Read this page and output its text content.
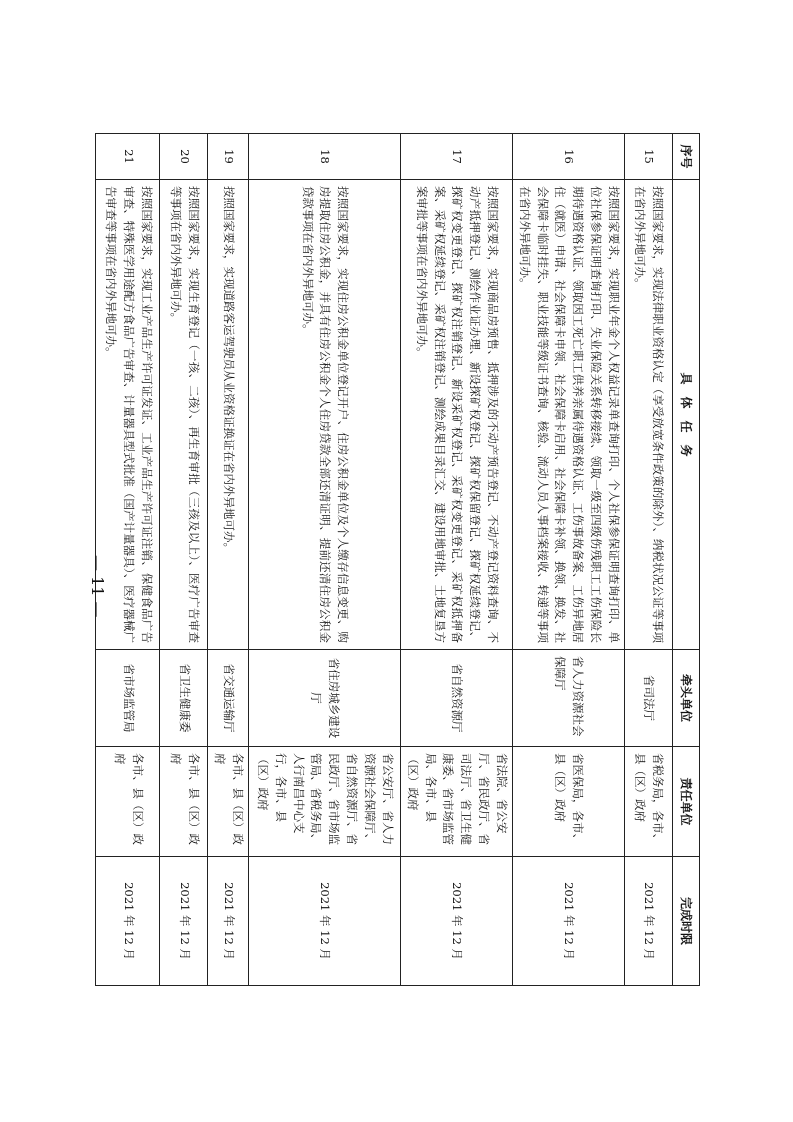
序号	具　体　任　务	牵头单位	责任单位	完成时限
15	按照国家要求，实现法律职业资格认定（享受放宽条件政策的除外）、纳税状况公证等事项在省内外异地可办。	省司法厅	省税务局，各市、县（区）政府	2021 年 12 月
16	按照国家要求，实现职业年金个人权益记录单查询打印、个人社保参保证明查询打印、单位社保参保证明查询打印、失业保险关系转移接续、领取一级至四级伤残职工工伤保险长期待遇资格认证、领取因工死亡职工供养亲属待遇资格认证、工伤事故备案、工伤异地居住（就医）申请、社会保障卡申领、社会保障卡启用、社会保障卡补领、换领、换发、社会保障卡临时挂失、职业技能等级证书查询、核验、流动人员人事档案接收、转递等事项在省内外异地可办。	省人力资源社会保障厅	省医保局，各市、县（区）政府	2021 年 12 月
17	按照国家要求，实现商品房预售、抵押涉及的不动产预告登记、不动产登记资料查询、不动产抵押登记、测绘作业证办理、新设探矿权登记、探矿权保留登记、探矿权延续登记、探矿权变更登记、探矿权注销登记、新设采矿权登记、采矿权变更登记、采矿权抵押备案、采矿权延续登记、采矿权注销登记、测绘成果目录汇交、建设用地审批、土地复垦方案审批等事项在省内外异地可办。	省自然资源厅	省法院、省公安厅、省民政厅、省司法厅、省卫生健康委、省市场监管局、各市、县（区）政府	2021 年 12 月
18	按照国家要求，实现住房公积金单位登记开户、住房公积金单位及个人缴存信息变更、购房提取住房公积金，并具有住房公积金个人住房贷款全部还清证明、提前还清住房公积金贷款事项在省内外异地可办。	省住房城乡建设厅	省公安厅、省人力资源社会保障厅、省自然资源厅、省民政厅、省市场监管局、省税务局、人行南昌中心支行，各市、县（区）政府	2021 年 12 月
19	按照国家要求，实现道路客运驾驶员从业资格证换证在省内外异地可办。	省交通运输厅	各市、县（区）政府	2021 年 12 月
20	按照国家要求，实现生育登记（一孩、二孩）、再生育审批（三孩及以上）、医疗广告审查等事项在省内外异地可办。	省卫生健康委	各市、县（区）政府	2021 年 12 月
21	按照国家要求，实现工业产品生产许可证发证、工业产品生产许可证注销、保健食品广告审查、特殊医学用途配方食品广告审查、计量器具型式批准（国产计量器具）、医疗器械广告审查等事项在省内外异地可办。	省市场监管局	各市、县（区）政府	2021 年 12 月
— 11 —
